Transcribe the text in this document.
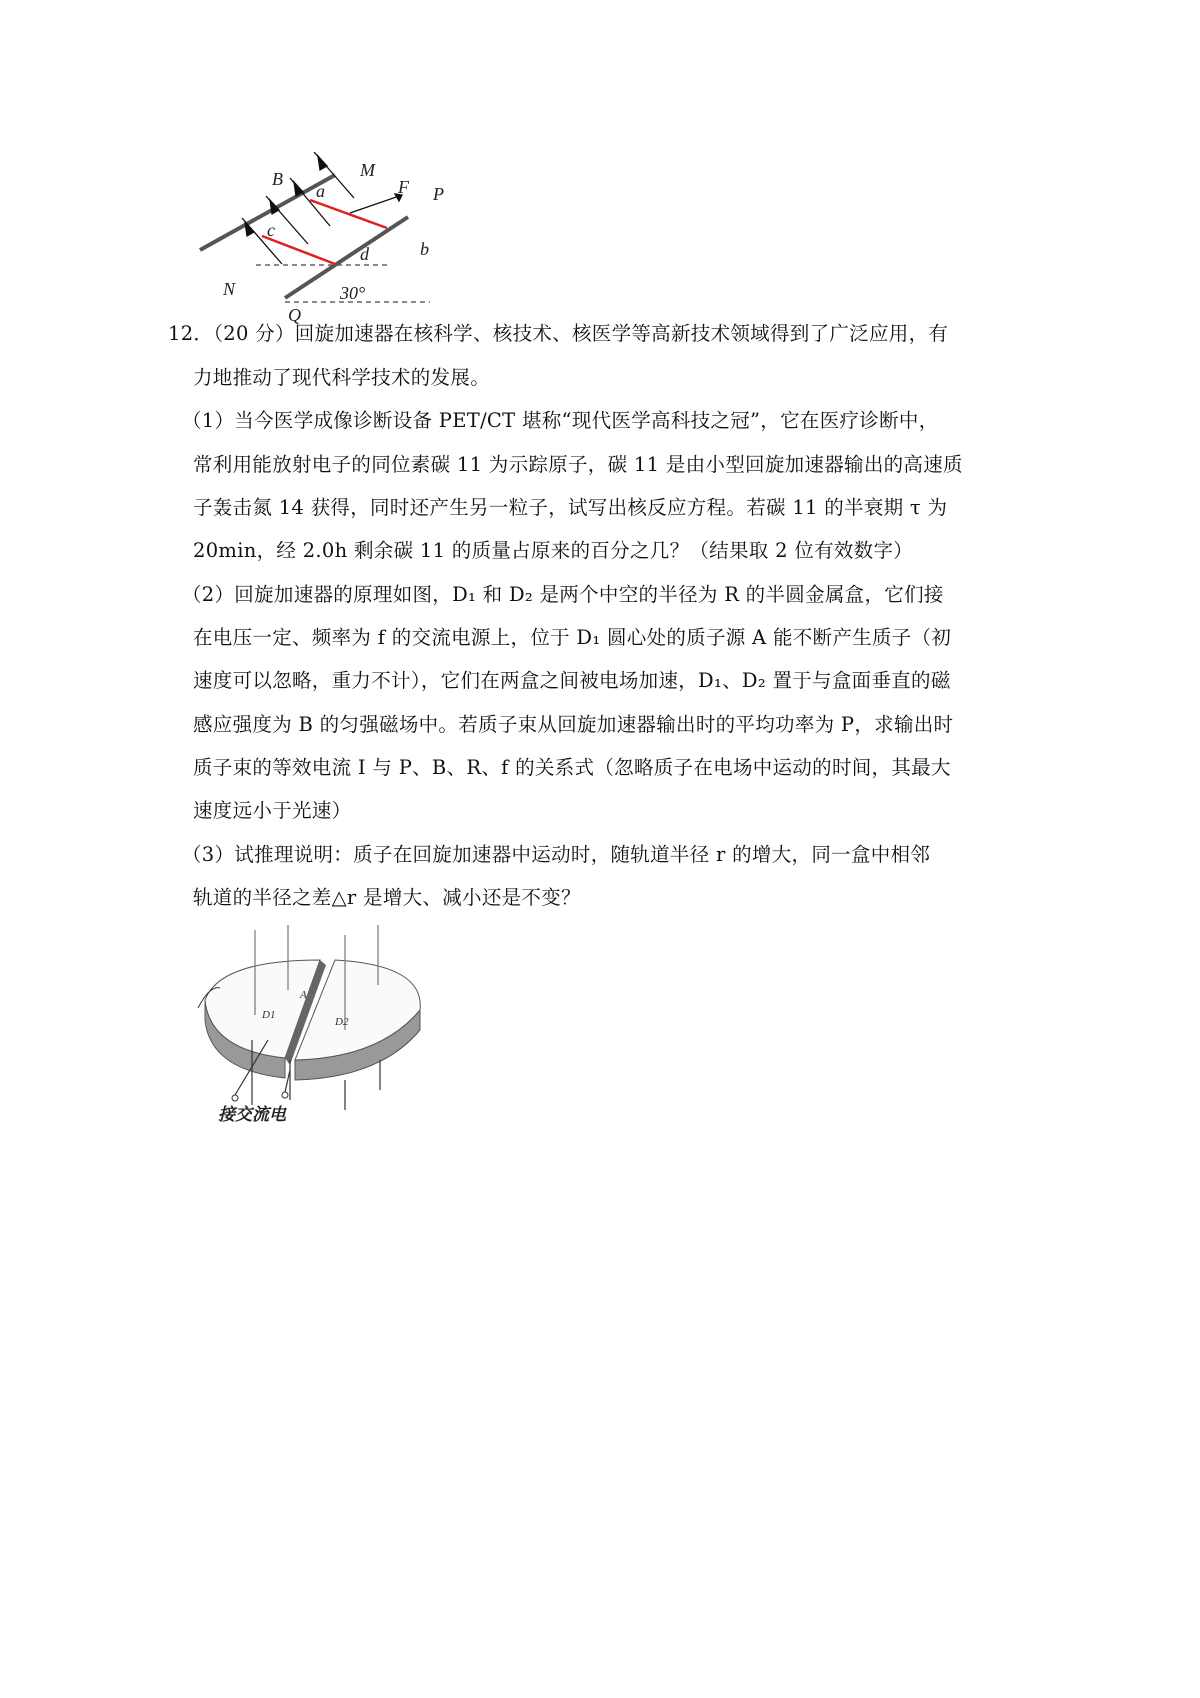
B
a
M
F P
c
d	b
N
Q
30°
12．（20 分）回旋加速器在核科学、核技术、核医学等高新技术领域得到了广泛应用，有
力地推动了现代科学技术的发展。
（1）当今医学成像诊断设备 PET/CT 堪称“现代医学高科技之冠”，它在医疗诊断中，
常利用能放射电子的同位素碳 11 为示踪原子，碳 11 是由小型回旋加速器输出的高速质
子轰击氮 14 获得，同时还产生另一粒子，试写出核反应方程。若碳 11 的半衰期 τ 为
20min，经 2.0h 剩余碳 11 的质量占原来的百分之几？（结果取 2 位有效数字）
（2）回旋加速器的原理如图，D₁ 和 D₂ 是两个中空的半径为 R 的半圆金属盒，它们接
在电压一定、频率为 f 的交流电源上，位于 D₁ 圆心处的质子源 A 能不断产生质子（初
速度可以忽略，重力不计），它们在两盒之间被电场加速，D₁、D₂ 置于与盒面垂直的磁
感应强度为 B 的匀强磁场中。若质子束从回旋加速器输出时的平均功率为 P，求输出时
质子束的等效电流 I 与 P、B、R、f 的关系式（忽略质子在电场中运动的时间，其最大
速度远小于光速）
（3）试推理说明：质子在回旋加速器中运动时，随轨道半径 r 的增大，同一盒中相邻
轨道的半径之差△r 是增大、减小还是不变？
A
D1
D2
接交流电
